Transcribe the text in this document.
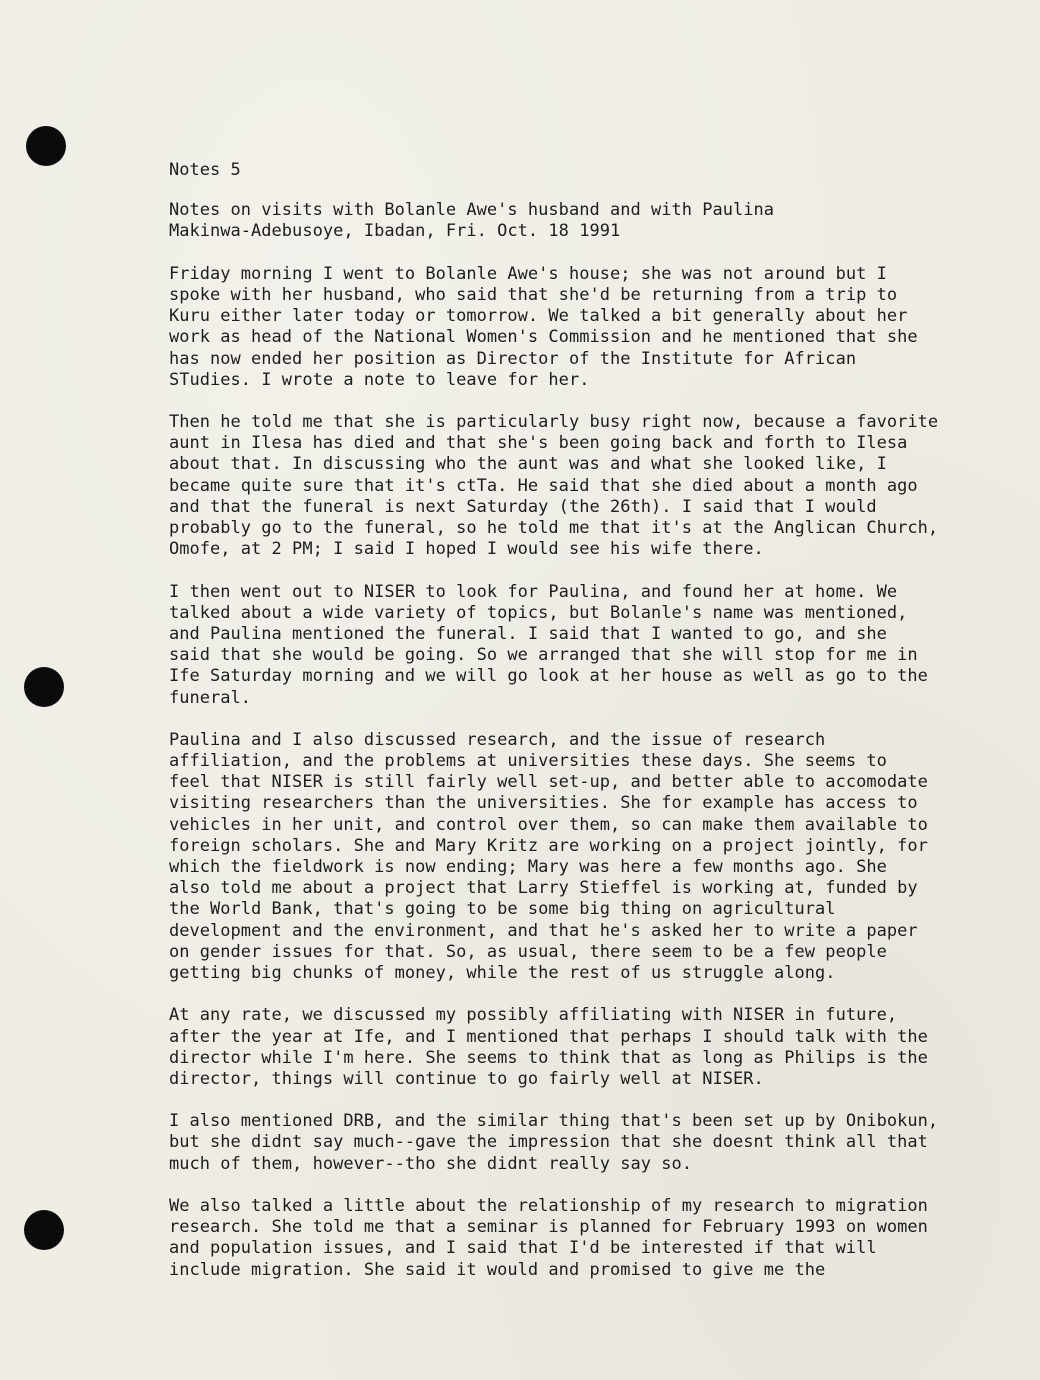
Notes 5
Notes on visits with Bolanle Awe's husband and with Paulina
Makinwa-Adebusoye, Ibadan, Fri. Oct. 18 1991
Friday morning I went to Bolanle Awe's house; she was not around but I
spoke with her husband, who said that she'd be returning from a trip to
Kuru either later today or tomorrow. We talked a bit generally about her
work as head of the National Women's Commission and he mentioned that she
has now ended her position as Director of the Institute for African
STudies. I wrote a note to leave for her.
Then he told me that she is particularly busy right now, because a favorite
aunt in Ilesa has died and that she's been going back and forth to Ilesa
about that. In discussing who the aunt was and what she looked like, I
became quite sure that it's ctTa. He said that she died about a month ago
and that the funeral is next Saturday (the 26th). I said that I would
probably go to the funeral, so he told me that it's at the Anglican Church,
Omofe, at 2 PM; I said I hoped I would see his wife there.
I then went out to NISER to look for Paulina, and found her at home. We
talked about a wide variety of topics, but Bolanle's name was mentioned,
and Paulina mentioned the funeral. I said that I wanted to go, and she
said that she would be going. So we arranged that she will stop for me in
Ife Saturday morning and we will go look at her house as well as go to the
funeral.
Paulina and I also discussed research, and the issue of research
affiliation, and the problems at universities these days. She seems to
feel that NISER is still fairly well set-up, and better able to accomodate
visiting researchers than the universities. She for example has access to
vehicles in her unit, and control over them, so can make them available to
foreign scholars. She and Mary Kritz are working on a project jointly, for
which the fieldwork is now ending; Mary was here a few months ago. She
also told me about a project that Larry Stieffel is working at, funded by
the World Bank, that's going to be some big thing on agricultural
development and the environment, and that he's asked her to write a paper
on gender issues for that. So, as usual, there seem to be a few people
getting big chunks of money, while the rest of us struggle along.
At any rate, we discussed my possibly affiliating with NISER in future,
after the year at Ife, and I mentioned that perhaps I should talk with the
director while I'm here. She seems to think that as long as Philips is the
director, things will continue to go fairly well at NISER.
I also mentioned DRB, and the similar thing that's been set up by Onibokun,
but she didnt say much--gave the impression that she doesnt think all that
much of them, however--tho she didnt really say so.
We also talked a little about the relationship of my research to migration
research. She told me that a seminar is planned for February 1993 on women
and population issues, and I said that I'd be interested if that will
include migration. She said it would and promised to give me the
